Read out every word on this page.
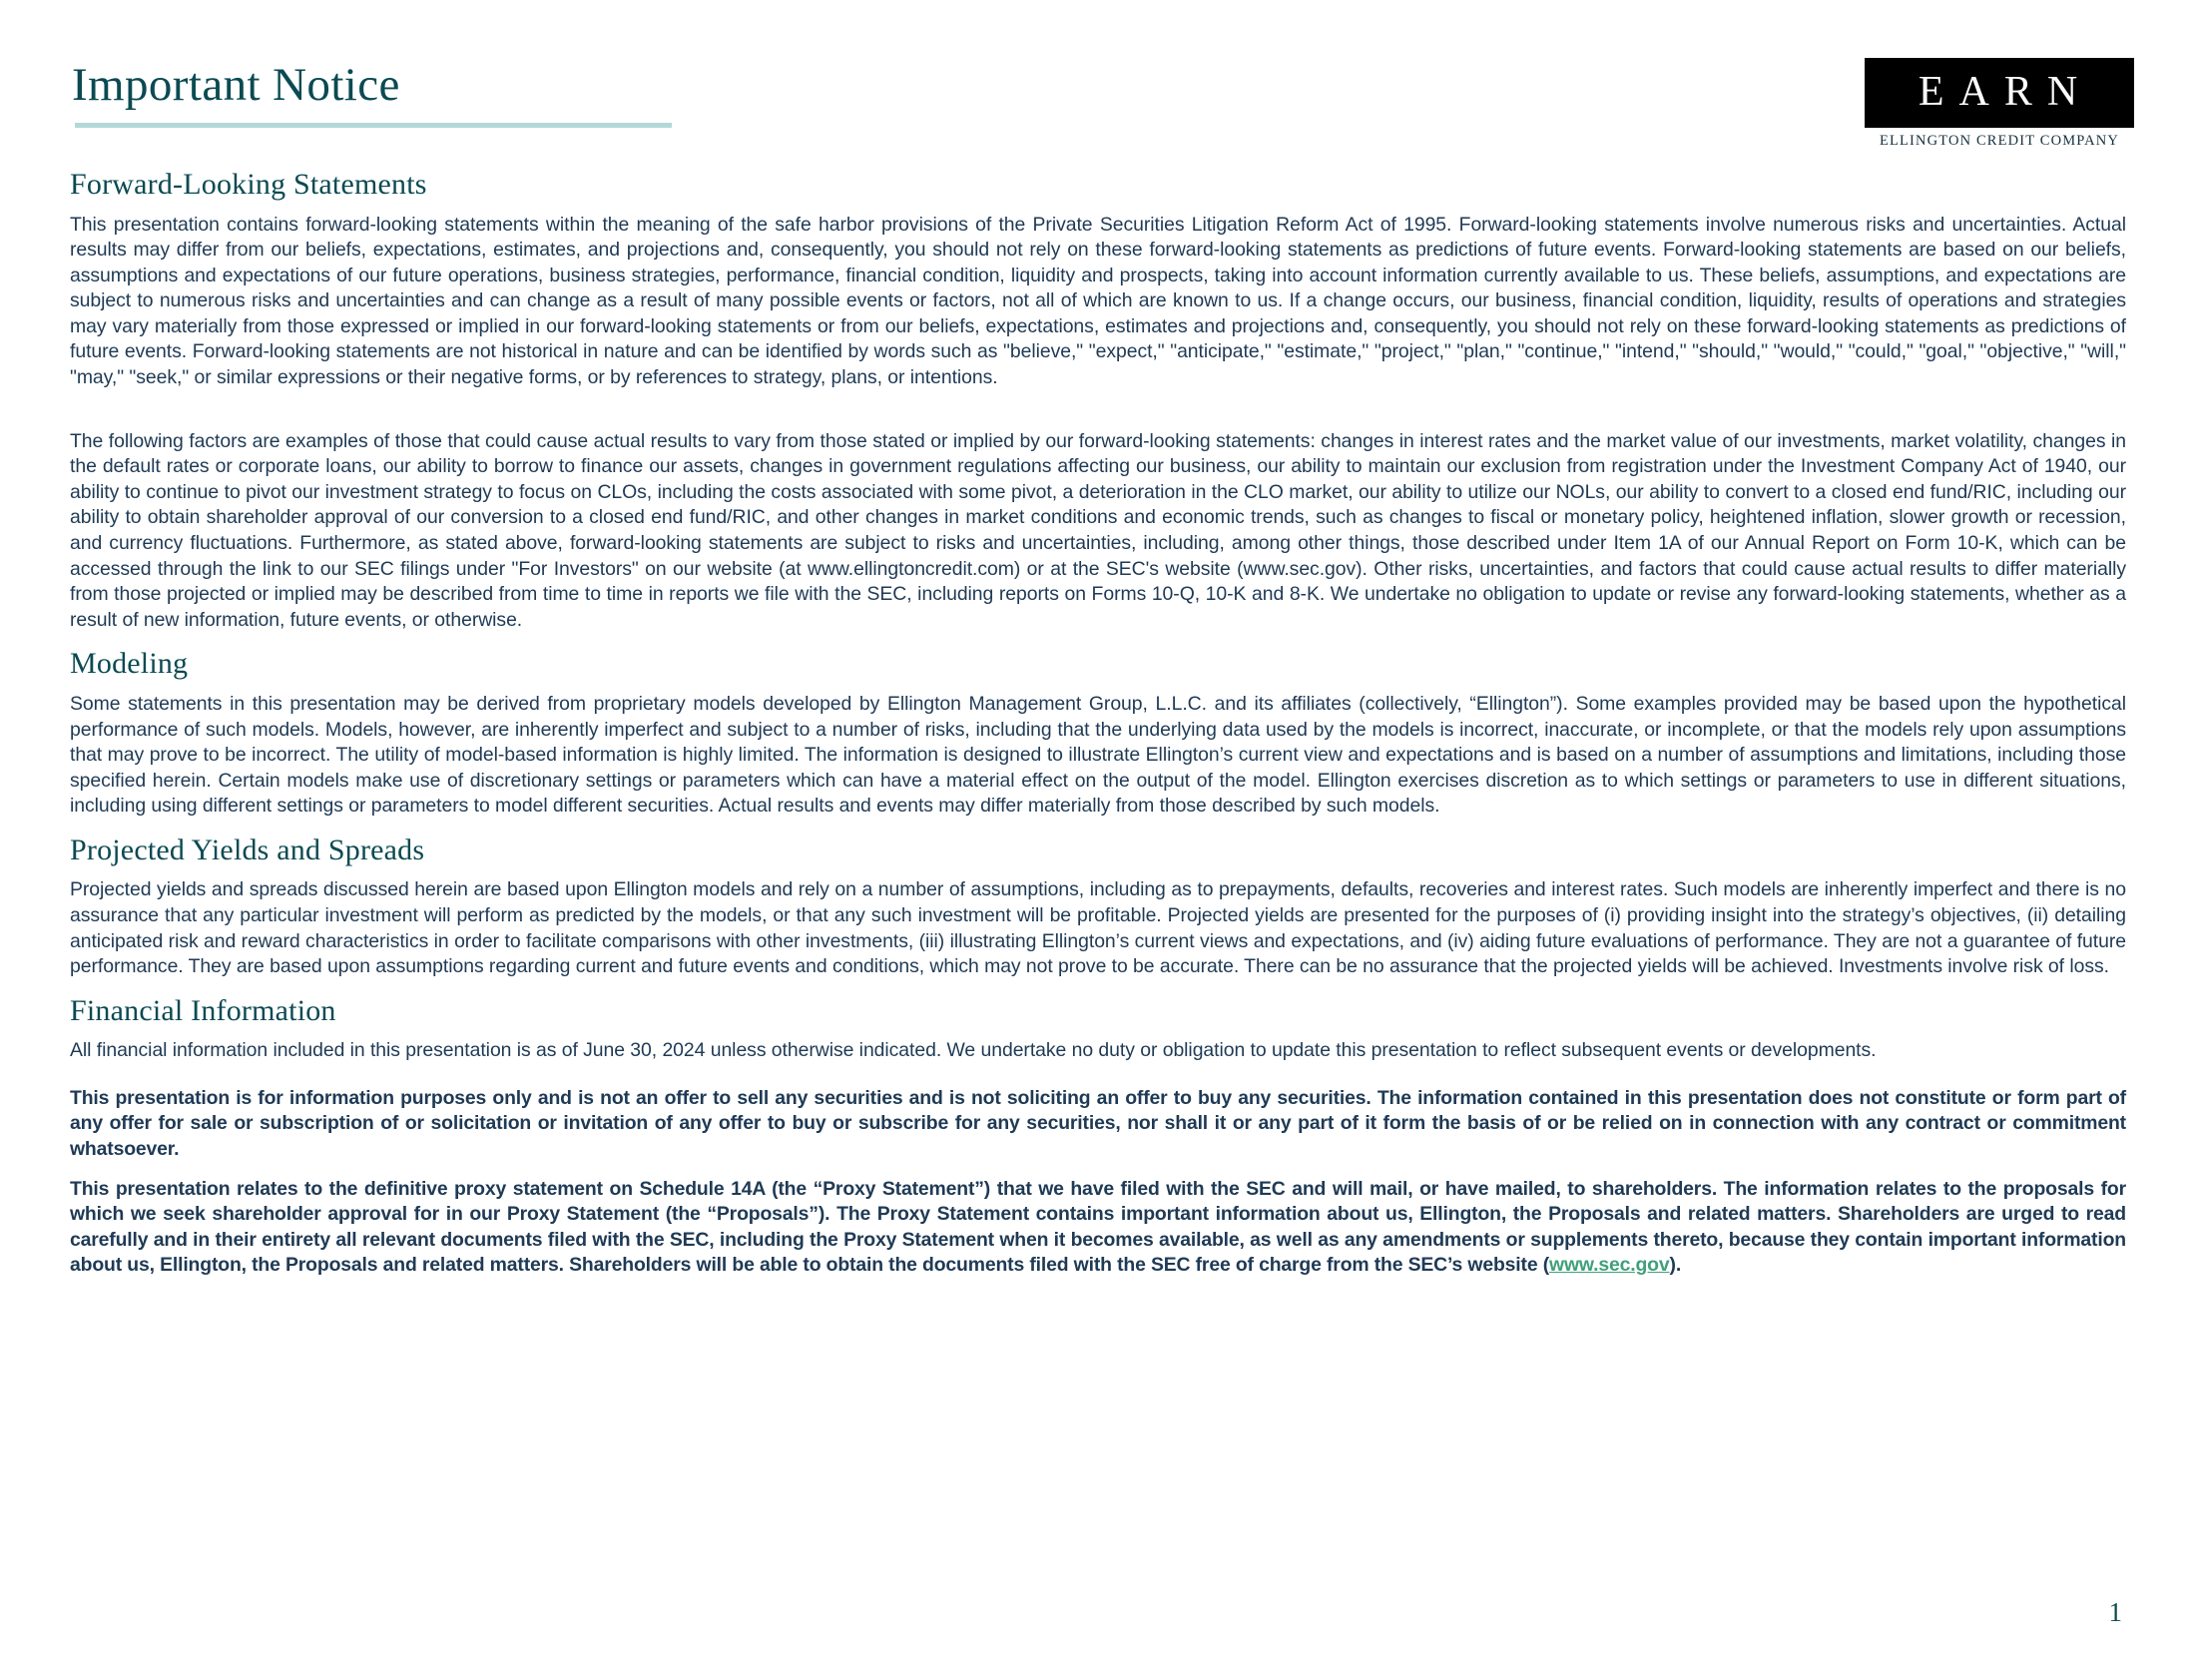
Important Notice	EARN
ELLINGTON CREDIT COMPANY
Forward-Looking Statements

This presentation contains forward-looking statements within the meaning of the safe harbor provisions of the Private Securities Litigation Reform Act of 1995. Forward-looking statements involve numerous risks and uncertainties. Actual results may differ from our beliefs, expectations, estimates, and projections and, consequently, you should not rely on these forward-looking statements as predictions of future events. Forward-looking statements are based on our beliefs, assumptions and expectations of our future operations, business strategies, performance, financial condition, liquidity and prospects, taking into account information currently available to us. These beliefs, assumptions, and expectations are subject to numerous risks and uncertainties and can change as a result of many possible events or factors, not all of which are known to us. If a change occurs, our business, financial condition, liquidity, results of operations and strategies may vary materially from those expressed or implied in our forward-looking statements or from our beliefs, expectations, estimates and projections and, consequently, you should not rely on these forward-looking statements as predictions of future events. Forward-looking statements are not historical in nature and can be identified by words such as "believe," "expect," "anticipate," "estimate," "project," "plan," "continue," "intend," "should," "would," "could," "goal," "objective," "will," "may," "seek," or similar expressions or their negative forms, or by references to strategy, plans, or intentions.

The following factors are examples of those that could cause actual results to vary from those stated or implied by our forward-looking statements: changes in interest rates and the market value of our investments, market volatility, changes in the default rates or corporate loans, our ability to borrow to finance our assets, changes in government regulations affecting our business, our ability to maintain our exclusion from registration under the Investment Company Act of 1940, our ability to continue to pivot our investment strategy to focus on CLOs, including the costs associated with some pivot, a deterioration in the CLO market, our ability to utilize our NOLs, our ability to convert to a closed end fund/RIC, including our ability to obtain shareholder approval of our conversion to a closed end fund/RIC, and other changes in market conditions and economic trends, such as changes to fiscal or monetary policy, heightened inflation, slower growth or recession, and currency fluctuations. Furthermore, as stated above, forward-looking statements are subject to risks and uncertainties, including, among other things, those described under Item 1A of our Annual Report on Form 10-K, which can be accessed through the link to our SEC filings under "For Investors" on our website (at www.ellingtoncredit.com) or at the SEC's website (www.sec.gov). Other risks, uncertainties, and factors that could cause actual results to differ materially from those projected or implied may be described from time to time in reports we file with the SEC, including reports on Forms 10-Q, 10-K and 8-K. We undertake no obligation to update or revise any forward-looking statements, whether as a result of new information, future events, or otherwise.

Modeling

Some statements in this presentation may be derived from proprietary models developed by Ellington Management Group, L.L.C. and its affiliates (collectively, “Ellington”). Some examples provided may be based upon the hypothetical performance of such models. Models, however, are inherently imperfect and subject to a number of risks, including that the underlying data used by the models is incorrect, inaccurate, or incomplete, or that the models rely upon assumptions that may prove to be incorrect. The utility of model-based information is highly limited. The information is designed to illustrate Ellington’s current view and expectations and is based on a number of assumptions and limitations, including those specified herein. Certain models make use of discretionary settings or parameters which can have a material effect on the output of the model. Ellington exercises discretion as to which settings or parameters to use in different situations, including using different settings or parameters to model different securities. Actual results and events may differ materially from those described by such models.

Projected Yields and Spreads

Projected yields and spreads discussed herein are based upon Ellington models and rely on a number of assumptions, including as to prepayments, defaults, recoveries and interest rates. Such models are inherently imperfect and there is no assurance that any particular investment will perform as predicted by the models, or that any such investment will be profitable. Projected yields are presented for the purposes of (i) providing insight into the strategy’s objectives, (ii) detailing anticipated risk and reward characteristics in order to facilitate comparisons with other investments, (iii) illustrating Ellington’s current views and expectations, and (iv) aiding future evaluations of performance. They are not a guarantee of future performance. They are based upon assumptions regarding current and future events and conditions, which may not prove to be accurate. There can be no assurance that the projected yields will be achieved. Investments involve risk of loss.

Financial Information

All financial information included in this presentation is as of June 30, 2024 unless otherwise indicated. We undertake no duty or obligation to update this presentation to reflect subsequent events or developments.

This presentation is for information purposes only and is not an offer to sell any securities and is not soliciting an offer to buy any securities. The information contained in this presentation does not constitute or form part of any offer for sale or subscription of or solicitation or invitation of any offer to buy or subscribe for any securities, nor shall it or any part of it form the basis of or be relied on in connection with any contract or commitment whatsoever.

This presentation relates to the definitive proxy statement on Schedule 14A (the “Proxy Statement”) that we have filed with the SEC and will mail, or have mailed, to shareholders. The information relates to the proposals for which we seek shareholder approval for in our Proxy Statement (the “Proposals”). The Proxy Statement contains important information about us, Ellington, the Proposals and related matters. Shareholders are urged to read carefully and in their entirety all relevant documents filed with the SEC, including the Proxy Statement when it becomes available, as well as any amendments or supplements thereto, because they contain important information about us, Ellington, the Proposals and related matters. Shareholders will be able to obtain the documents filed with the SEC free of charge from the SEC’s website (www.sec.gov).

1
